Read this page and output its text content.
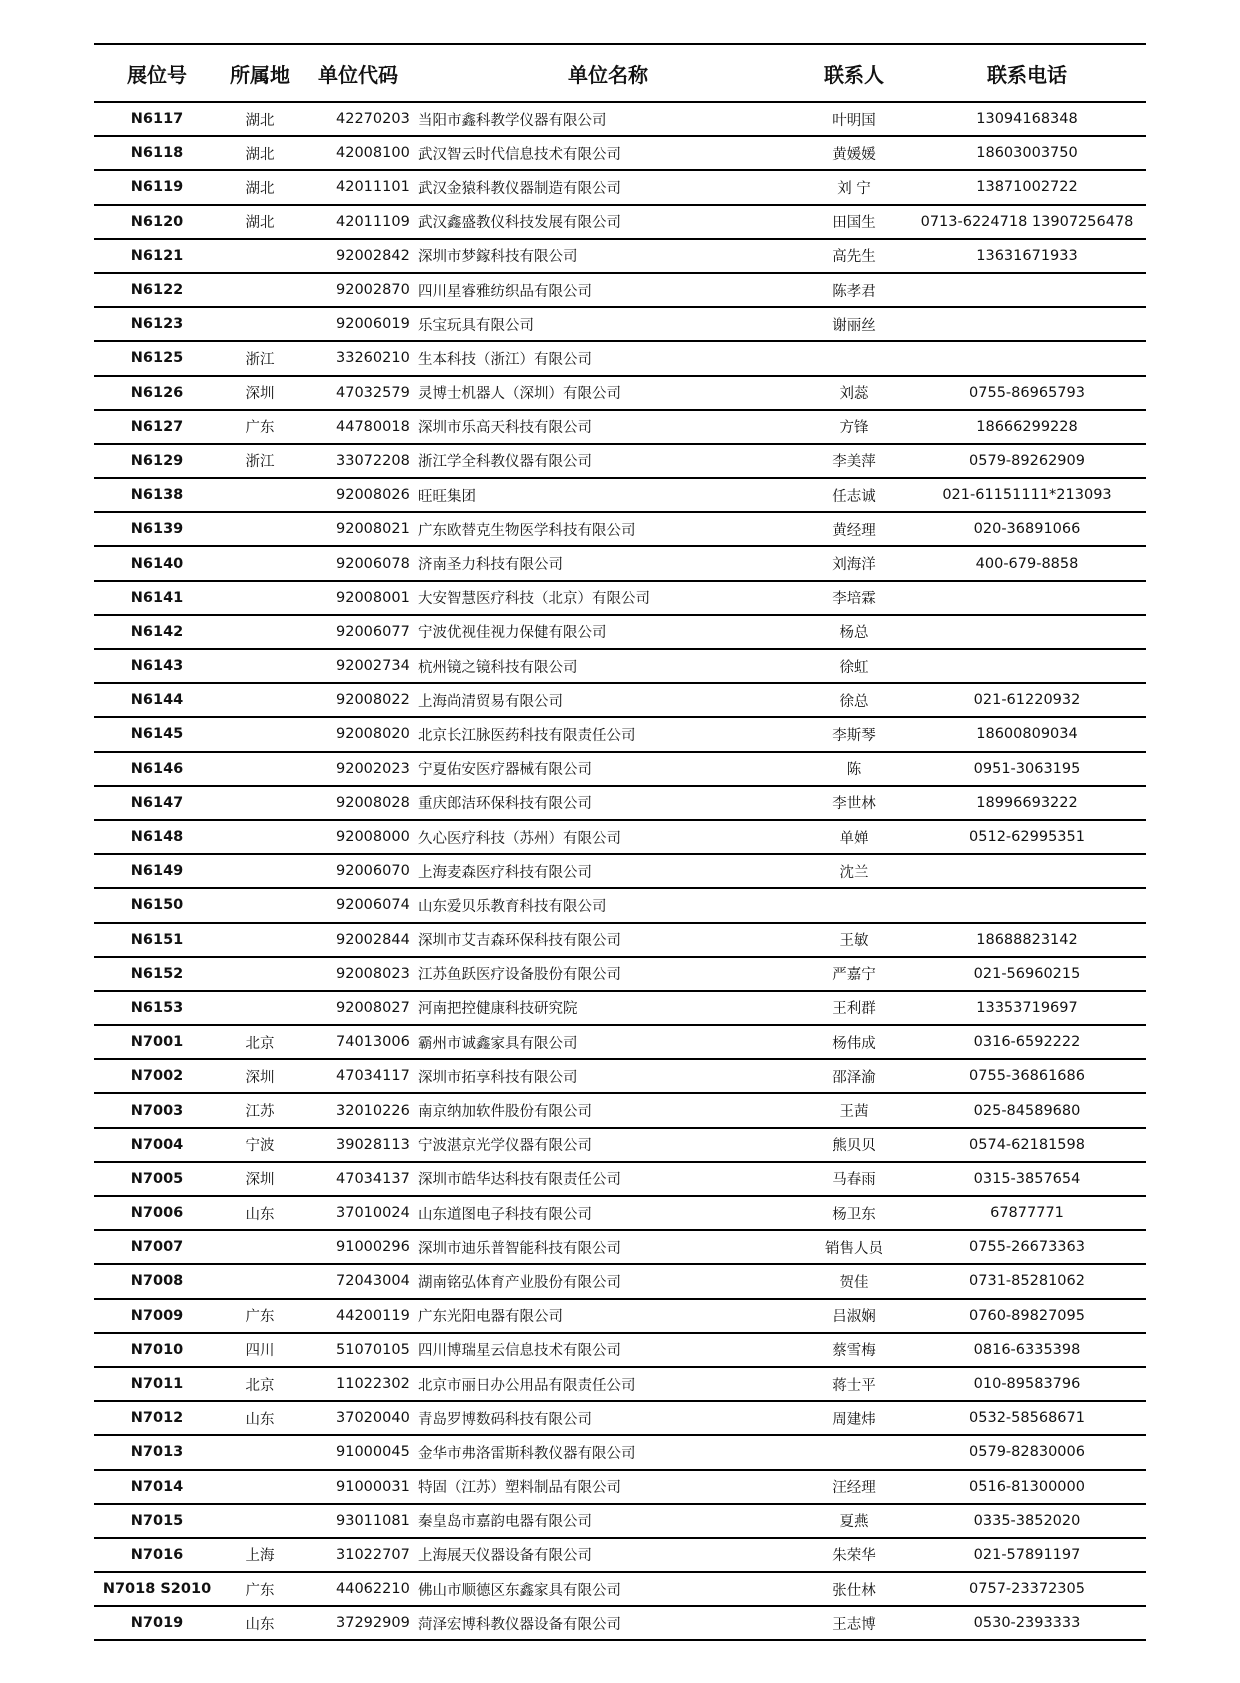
展位号	所属地	单位代码	单位名称	联系人	联系电话
N6117	湖北	42270203	当阳市鑫科教学仪器有限公司	叶明国	13094168348
N6118	湖北	42008100	武汉智云时代信息技术有限公司	黄媛媛	18603003750
N6119	湖北	42011101	武汉金猿科教仪器制造有限公司	刘 宁	13871002722
N6120	湖北	42011109	武汉鑫盛教仪科技发展有限公司	田国生	0713-6224718 13907256478
N6121		92002842	深圳市梦鎵科技有限公司	高先生	13631671933
N6122		92002870	四川星睿雅纺织品有限公司	陈孝君	
N6123		92006019	乐宝玩具有限公司	谢丽丝	
N6125	浙江	33260210	生本科技（浙江）有限公司		
N6126	深圳	47032579	灵博士机器人（深圳）有限公司	刘蕊	0755-86965793
N6127	广东	44780018	深圳市乐高天科技有限公司	方锋	18666299228
N6129	浙江	33072208	浙江学全科教仪器有限公司	李美萍	0579-89262909
N6138		92008026	旺旺集团	任志诚	021-61151111*213093
N6139		92008021	广东欧替克生物医学科技有限公司	黄经理	020-36891066
N6140		92006078	济南圣力科技有限公司	刘海洋	400-679-8858
N6141		92008001	大安智慧医疗科技（北京）有限公司	李培霖	
N6142		92006077	宁波优视佳视力保健有限公司	杨总	
N6143		92002734	杭州镜之镜科技有限公司	徐虹	
N6144		92008022	上海尚清贸易有限公司	徐总	021-61220932
N6145		92008020	北京长江脉医药科技有限责任公司	李斯琴	18600809034
N6146		92002023	宁夏佑安医疗器械有限公司	陈	0951-3063195
N6147		92008028	重庆郎洁环保科技有限公司	李世林	18996693222
N6148		92008000	久心医疗科技（苏州）有限公司	单婵	0512-62995351
N6149		92006070	上海麦森医疗科技有限公司	沈兰	
N6150		92006074	山东爱贝乐教育科技有限公司		
N6151		92002844	深圳市艾吉森环保科技有限公司	王敏	18688823142
N6152		92008023	江苏鱼跃医疗设备股份有限公司	严嘉宁	021-56960215
N6153		92008027	河南把控健康科技研究院	王利群	13353719697
N7001	北京	74013006	霸州市诚鑫家具有限公司	杨伟成	0316-6592222
N7002	深圳	47034117	深圳市拓享科技有限公司	邵泽渝	0755-36861686
N7003	江苏	32010226	南京纳加软件股份有限公司	王茜	025-84589680
N7004	宁波	39028113	宁波湛京光学仪器有限公司	熊贝贝	0574-62181598
N7005	深圳	47034137	深圳市皓华达科技有限责任公司	马春雨	0315-3857654
N7006	山东	37010024	山东道图电子科技有限公司	杨卫东	67877771
N7007		91000296	深圳市迪乐普智能科技有限公司	销售人员	0755-26673363
N7008		72043004	湖南铭弘体育产业股份有限公司	贺佳	0731-85281062
N7009	广东	44200119	广东光阳电器有限公司	吕淑娴	0760-89827095
N7010	四川	51070105	四川博瑞星云信息技术有限公司	蔡雪梅	0816-6335398
N7011	北京	11022302	北京市丽日办公用品有限责任公司	蒋士平	010-89583796
N7012	山东	37020040	青岛罗博数码科技有限公司	周建炜	0532-58568671
N7013		91000045	金华市弗洛雷斯科教仪器有限公司		0579-82830006
N7014		91000031	特固（江苏）塑料制品有限公司	汪经理	0516-81300000
N7015		93011081	秦皇岛市嘉韵电器有限公司	夏燕	0335-3852020
N7016	上海	31022707	上海展天仪器设备有限公司	朱荣华	021-57891197
N7018 S2010	广东	44062210	佛山市顺德区东鑫家具有限公司	张仕林	0757-23372305
N7019	山东	37292909	菏泽宏博科教仪器设备有限公司	王志博	0530-2393333
